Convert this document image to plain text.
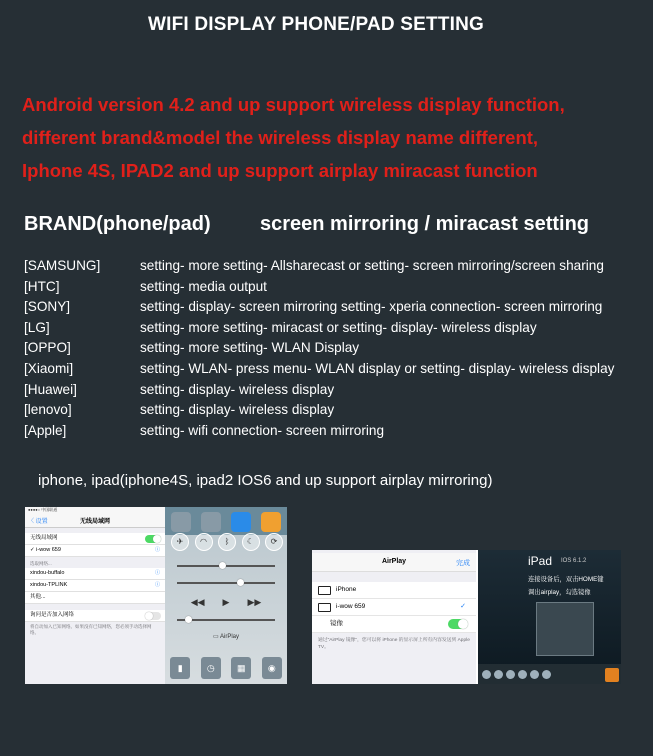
WIFI DISPLAY PHONE/PAD SETTING
Android version 4.2 and up support wireless display function,
different brand&model the wireless display name different,
Iphone 4S, IPAD2 and up support airplay miracast function
BRAND(phone/pad) screen mirroring / miracast setting
[SAMSUNG]	setting- more setting- Allsharecast or setting- screen mirroring/screen sharing
[HTC]	setting- media output
[SONY]	setting- display- screen mirroring setting- xperia connection- screen mirroring
[LG]	setting- more setting- miracast or setting- display- wireless display
[OPPO]	setting- more setting- WLAN Display
[Xiaomi]	setting- WLAN- press menu- WLAN display or setting- display- wireless display
[Huawei]	setting- display- wireless display
[lenovo]	setting- display- wireless display
[Apple]	setting- wifi connection- screen mirroring
iphone, ipad(iphone4S, ipad2 IOS6 and up support airplay mirroring)
●●●●○ 中国联通
〈 设置	无线局域网
无线局域网
✓ i-wow 659	ⓘ
选取网络...
xindou-buffalo	ⓘ
xindou-TPLINK	ⓘ
其他...
询问是否加入网络
将自动加入已知网络。如果没有已知网络，您必须手动选择网络。
✈	◠	ᛒ	☾	⟳
◀◀ ▶ ▶▶
▭ AirPlay
▮	◷	▦	◉
AirPlay	完成
iPhone
i-wow 659	✓
镜像
通过"AirPlay 镜像"，您可以将 iPhone 的显示屏上所有内容发送到 Apple TV。
iPad IOS 6.1.2
连接设备后，双击HOME键
调出airplay，勾选镜像
